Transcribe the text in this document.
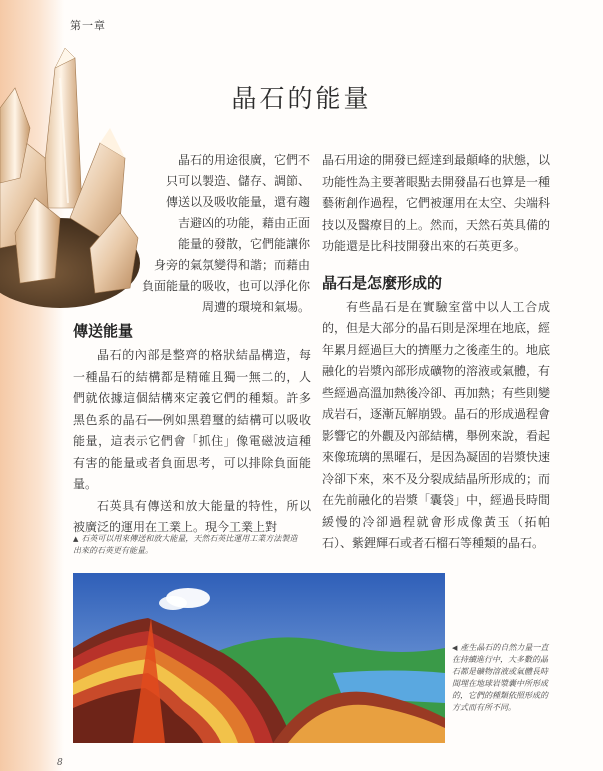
第一章
晶石的能量

晶石的用途很廣，它們不

只可以製造、儲存、調節、

傳送以及吸收能量，還有趨

吉避凶的功能，藉由正面

能量的發散，它們能讓你

身旁的氣氛變得和諧；而藉由

負面能量的吸收，也可以淨化你

周遭的環境和氣場。

傳送能量

晶石的內部是整齊的格狀結晶構造，每一種晶石的結構都是精確且獨一無二的，人們就依據這個結構來定義它們的種類。許多黑色系的晶石──例如黑碧璽的結構可以吸收能量，這表示它們會「抓住」像電磁波這種有害的能量或者負面思考，可以排除負面能量。

石英具有傳送和放大能量的特性，所以被廣泛的運用在工業上。現今工業上對

▲ 石英可以用來傳送和放大能量，天然石英比運用工業方法製造出來的石英更有能量。

晶石用途的開發已經達到最顛峰的狀態，以功能性為主要著眼點去開發晶石也算是一種藝術創作過程，它們被運用在太空、尖端科技以及醫療目的上。然而，天然石英具備的功能還是比科技開發出來的石英更多。

晶石是怎麼形成的

有些晶石是在實驗室當中以人工合成的，但是大部分的晶石則是深埋在地底，經年累月經過巨大的擠壓力之後產生的。地底融化的岩漿內部形成礦物的溶液或氣體，有些經過高溫加熱後冷卻、再加熱；有些則變成岩石，逐漸瓦解崩毀。晶石的形成過程會影響它的外觀及內部結構，舉例來說，看起來像琉璃的黑曜石，是因為凝固的岩漿快速冷卻下來，來不及分裂成結晶所形成的；而在先前融化的岩漿「囊袋」中，經過長時間緩慢的冷卻過程就會形成像黃玉（拓帕石）、紫鋰輝石或者石榴石等種類的晶石。

◀ 產生晶石的自然力量一直在持續進行中，大多數的晶石都是礦物溶液或氣體長時間埋在地球岩漿囊中所形成的，它們的種類依照形成的方式而有所不同。
8
